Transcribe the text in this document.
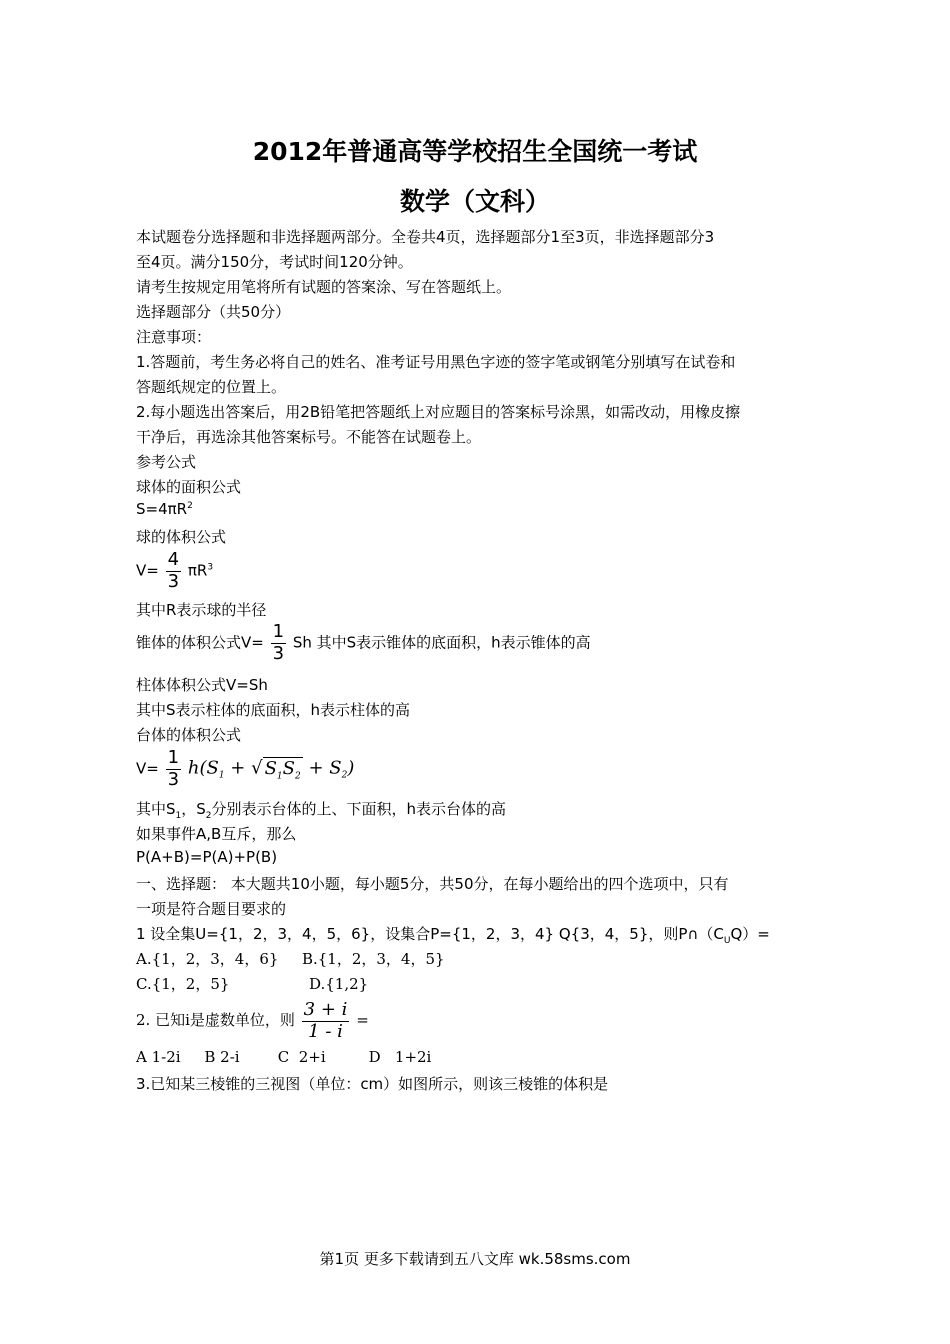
2012年普通高等学校招生全国统一考试
数学（文科）
本试题卷分选择题和非选择题两部分。全卷共4页，选择题部分1至3页，非选择题部分3
至4页。满分150分，考试时间120分钟。
请考生按规定用笔将所有试题的答案涂、写在答题纸上。
选择题部分（共50分）
注意事项：
1.答题前，考生务必将自己的姓名、准考证号用黑色字迹的签字笔或钢笔分别填写在试卷和
答题纸规定的位置上。
2.每小题选出答案后，用2B铅笔把答题纸上对应题目的答案标号涂黑，如需改动，用橡皮擦
干净后，再选涂其他答案标号。不能答在试题卷上。
参考公式
球体的面积公式
$S=4\pi R^2$
球的体积公式
$V= \frac{4}{3} \pi R^3$
其中R表示球的半径
锥体的体积公式$V= \frac{1}{3}$ Sh 其中S表示锥体的底面积，h表示锥体的高
柱体体积公式V=Sh
其中S表示柱体的底面积，h表示柱体的高
台体的体积公式
$V= \frac{1}{3} h(S_1$ + √ $S_1S_2 + S_2$)
其中$S_1$，$S_2$分别表示台体的上、下面积，h表示台体的高
如果事件A,B互斥，那么
P(A+B)=P(A)+P(B)
一、选择题： 本大题共10小题，每小题5分，共50分，在每小题给出的四个选项中，只有
一项是符合题目要求的
1 设全集U={1，2，3，4，5，6}，设集合P={1，2，3，4} Q{3，4，5}，则$P\cap(C_UQ)=$
A.{1，2，3，4，6} B.{1，2，3，4，5}
C.{1，2，5}	D.{1,2}
2. 已知i是虚数单位，则 $\frac{3 + i}{1 - i}$ =
A 1-2i     B 2-i        C  2+i         D   1+2i
3.已知某三棱锥的三视图（单位：cm）如图所示，则该三棱锥的体积是
第1页 更多下载请到五八文库 wk.58sms.com
